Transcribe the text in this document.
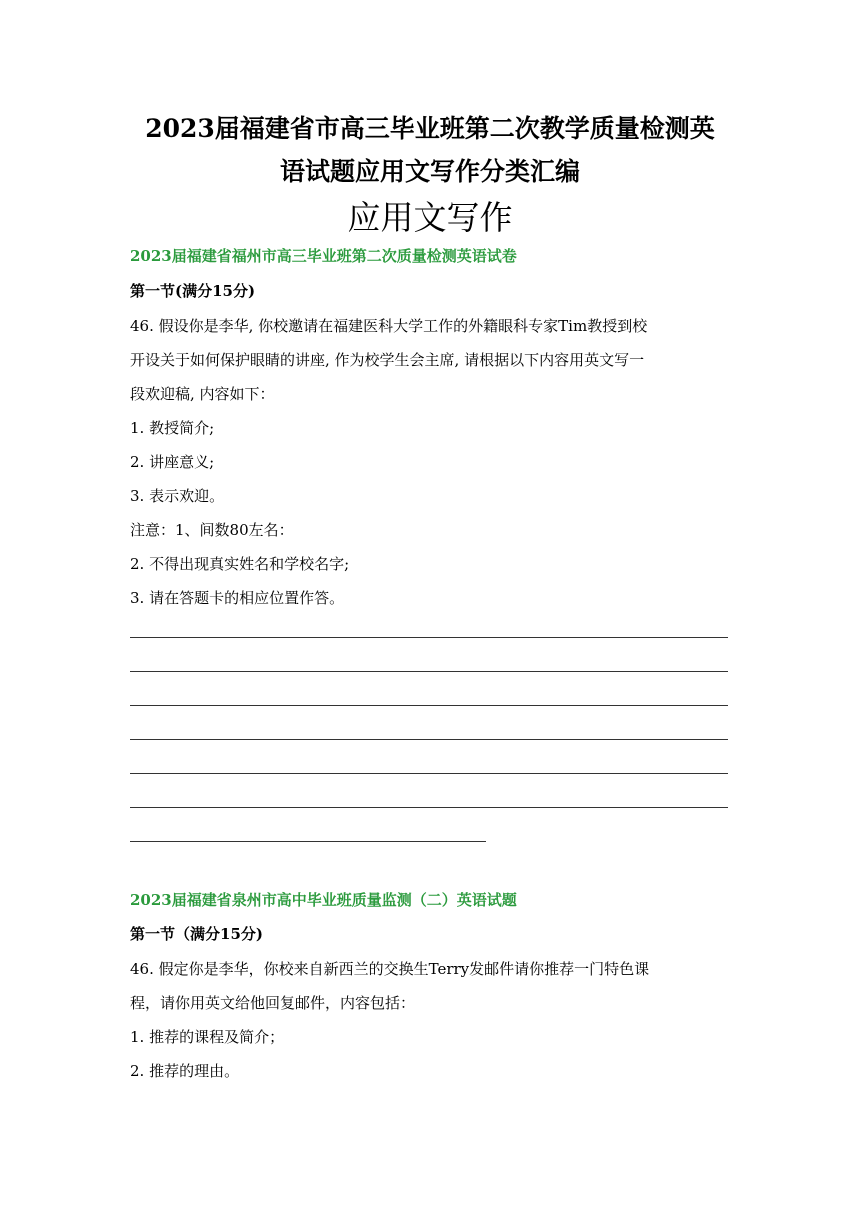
2023届福建省市高三毕业班第二次教学质量检测英
语试题应用文写作分类汇编
应用文写作
2023届福建省福州市高三毕业班第二次质量检测英语试卷
第一节(满分15分)
46. 假设你是李华, 你校邀请在福建医科大学工作的外籍眼科专家Tim教授到校
开设关于如何保护眼睛的讲座, 作为校学生会主席, 请根据以下内容用英文写一
段欢迎稿, 内容如下：
1. 教授简介;
2. 讲座意义;
3. 表示欢迎。
注意：1、间数80左名：
2. 不得出现真实姓名和学校名字;
3. 请在答题卡的相应位置作答。
2023届福建省泉州市高中毕业班质量监测（二）英语试题
第一节（满分15分)
46. 假定你是李华，你校来自新西兰的交换生Terry发邮件请你推荐一门特色课
程，请你用英文给他回复邮件，内容包括：
1. 推荐的课程及简介；
2. 推荐的理由。
